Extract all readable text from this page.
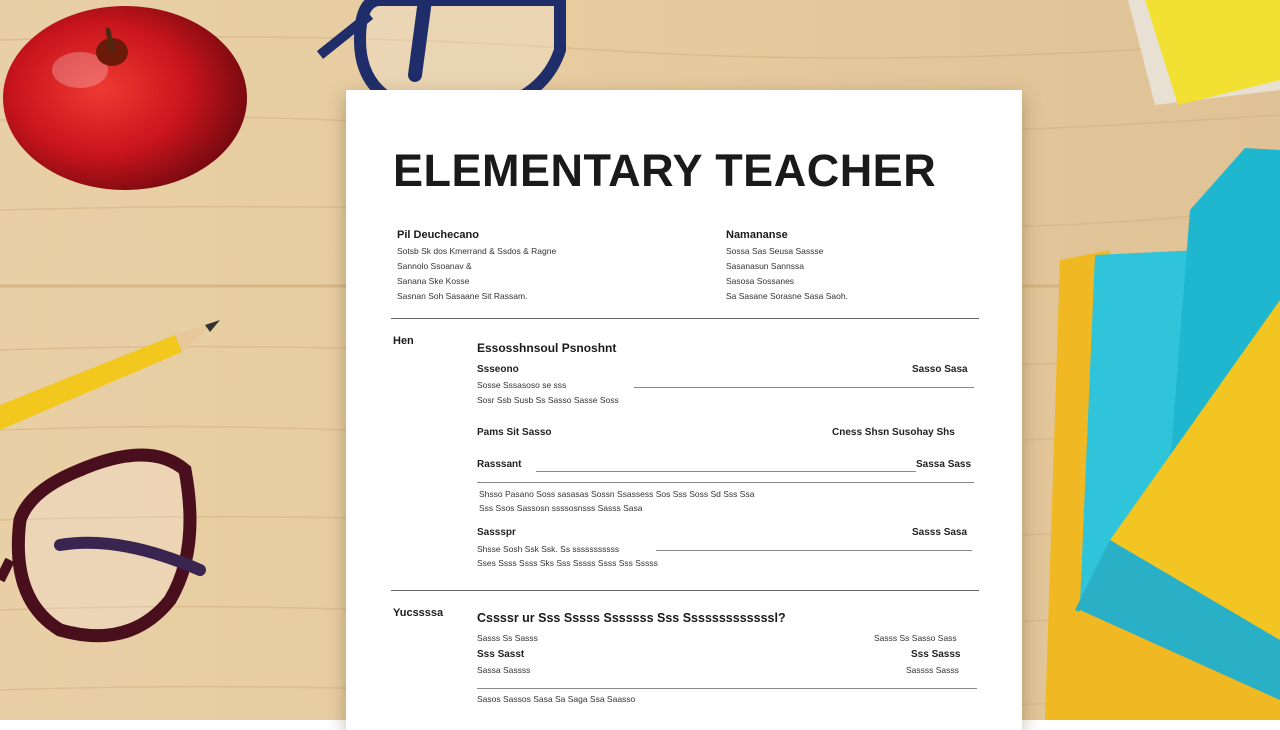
ELEMENTARY TEACHER
Pil Deuchecano
Sotsb Sk dos Kmerrand & Ssdos & Ragne
Sannolo Ssoanav &
Sanana Ske Kosse
Sasnan Soh Sasaane Sit Rassam.
Namananse
Sossa Sas Seusa Sassse
Sasanasun Sannssa
Sasosa Sossanes
Sa Sasane Sorasne Sasa Saoh.
Hen	Essosshnsoul Psnoshnt
Ssseono	Sasso Sasa
Sosse Sssasoso se sss
Sosr Ssb Susb Ss Sasso Sasse Soss
Pams Sit Sasso	Cness Shsn Susohay Shs
Rasssant	Sassa Sass
Shsso Pasano Soss sasasas Sossn Ssassess Sos Sss Soss Sd Sss Ssa
Sss Ssos Sassosn ssssosnsss Sasss Sasa
Sassspr	Sasss Sasa
Shsse Sosh Ssk Ssk. Ss sssssssssss
Sses Ssss Ssss Sks Sss Sssss Ssss Sss Sssss
Yucssssa	Cssssr ur Sss Sssss Sssssss Sss Sssssssssssssl?
Sasss Ss Sasss	Sasss Ss Sasso Sass
Sss Sasst	Sss Sasss
Sassa Sassss	Sassss Sasss
Sasos Sassos Sasa Sa Saga Ssa Saasso
